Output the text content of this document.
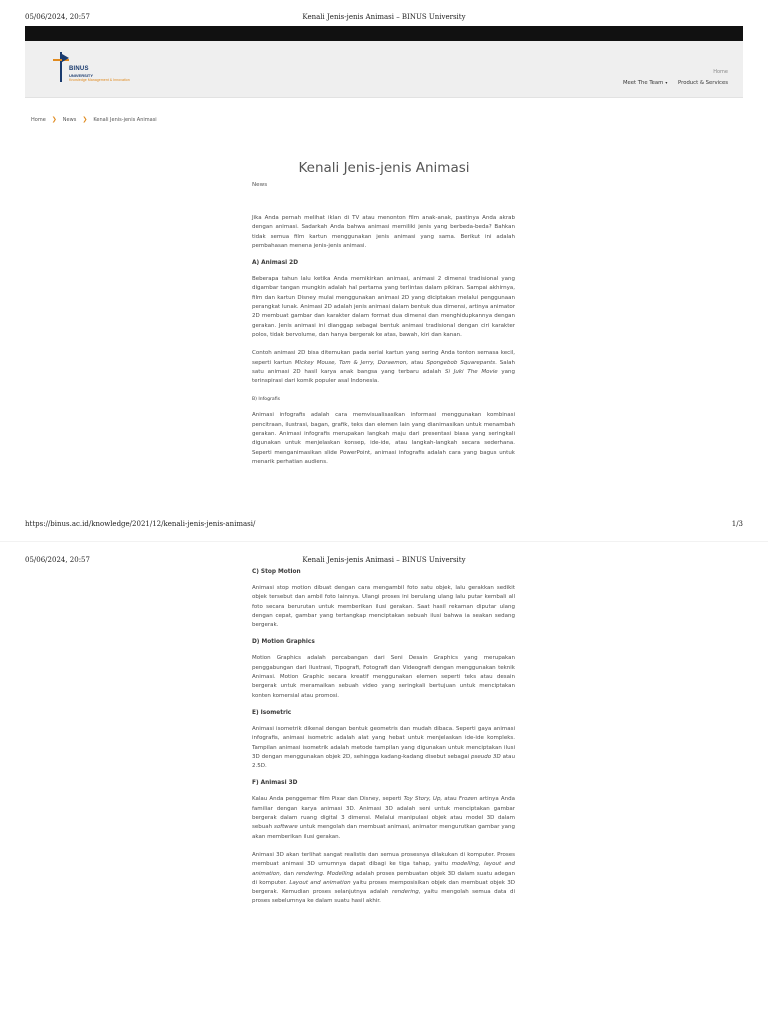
05/06/2024, 20:57	Kenali Jenis-jenis Animasi – BINUS University
BINUS
UNIVERSITY
Knowledge Management & Innovation
Home
Meet The Team ▾ Product & Services
Home ❯ News ❯ Kenali Jenis-jenis Animasi
Kenali Jenis-jenis Animasi
News

Jika Anda pernah melihat iklan di TV atau menonton film anak-anak, pastinya Anda akrab dengan animasi. Sadarkah Anda bahwa animasi memiliki jenis yang berbeda-beda? Bahkan tidak semua film kartun menggunakan jenis animasi yang sama. Berikut ini adalah pembahasan menena jenis-jenis animasi.

A) Animasi 2D

Beberapa tahun lalu ketika Anda memikirkan animasi, animasi 2 dimensi tradisional yang digambar tangan mungkin adalah hal pertama yang terlintas dalam pikiran. Sampai akhirnya, film dan kartun Disney mulai menggunakan animasi 2D yang diciptakan melalui penggunaan perangkat lunak. Animasi 2D adalah jenis animasi dalam bentuk dua dimensi, artinya animator 2D membuat gambar dan karakter dalam format dua dimensi dan menghidupkannya dengan gerakan. Jenis animasi ini dianggap sebagai bentuk animasi tradisional dengan ciri karakter polos, tidak bervolume, dan hanya bergerak ke atas, bawah, kiri dan kanan.

Contoh animasi 2D bisa ditemukan pada serial kartun yang sering Anda tonton semasa kecil, seperti kartun Mickey Mouse, Tom & Jerry, Doraemon, atau Spongebob Squarepants. Salah satu animasi 2D hasil karya anak bangsa yang terbaru adalah Si Juki The Movie yang terinspirasi dari komik populer asal Indonesia.

B) Infografis

Animasi infografis adalah cara memvisualisasikan informasi menggunakan kombinasi pencitraan, ilustrasi, bagan, grafik, teks dan elemen lain yang dianimasikan untuk menambah gerakan. Animasi infografis merupakan langkah maju dari presentasi biasa yang seringkali digunakan untuk menjelaskan konsep, ide-ide, atau langkah-langkah secara sederhana. Seperti menganimasikan slide PowerPoint, animasi infografis adalah cara yang bagus untuk menarik perhatian audiens.

https://binus.ac.id/knowledge/2021/12/kenali-jenis-jenis-animasi/	1/3
05/06/2024, 20:57	Kenali Jenis-jenis Animasi – BINUS University
C) Stop Motion

Animasi stop motion dibuat dengan cara mengambil foto satu objek, lalu gerakkan sedikit objek tersebut dan ambil foto lainnya. Ulangi proses ini berulang ulang lalu putar kembali all foto secara berurutan untuk memberikan ilusi gerakan. Saat hasil rekaman diputar ulang dengan cepat, gambar yang tertangkap menciptakan sebuah ilusi bahwa ia seakan sedang bergerak.

D) Motion Graphics

Motion Graphics adalah percabangan dari Seni Desain Graphics yang merupakan penggabungan dari Ilustrasi, Tipografi, Fotografi dan Videografi dengan menggunakan teknik Animasi. Motion Graphic secara kreatif menggunakan elemen seperti teks atau desain bergerak untuk meramaikan sebuah video yang seringkali bertujuan untuk menciptakan konten komersial atau promosi.

E) Isometric

Animasi isometrik dikenal dengan bentuk geometris dan mudah dibaca. Seperti gaya animasi infografis, animasi isometric adalah alat yang hebat untuk menjelaskan ide-ide kompleks. Tampilan animasi isometrik adalah metode tampilan yang digunakan untuk menciptakan ilusi 3D dengan menggunakan objek 2D, sehingga kadang-kadang disebut sebagai pseudo 3D atau 2.5D.

F) Animasi 3D

Kalau Anda penggemar film Pixar dan Disney, seperti Toy Story, Up, atau Frozen artinya Anda familiar dengan karya animasi 3D. Animasi 3D adalah seni untuk menciptakan gambar bergerak dalam ruang digital 3 dimensi. Melalui manipulasi objek atau model 3D dalam sebuah software untuk mengolah dan membuat animasi, animator mengurutkan gambar yang akan memberikan ilusi gerakan.

Animasi 3D akan terlihat sangat realistis dan semua prosesnya dilakukan di komputer. Proses membuat animasi 3D umumnya dapat dibagi ke tiga tahap, yaitu modelling, layout and animation, dan rendering. Modelling adalah proses pembuatan objek 3D dalam suatu adegan di komputer. Layout and animation yaitu proses memposisikan objek dan membuat objek 3D bergerak. Kemudian proses selanjutnya adalah rendering, yaitu mengolah semua data di proses sebelumnya ke dalam suatu hasil akhir.
